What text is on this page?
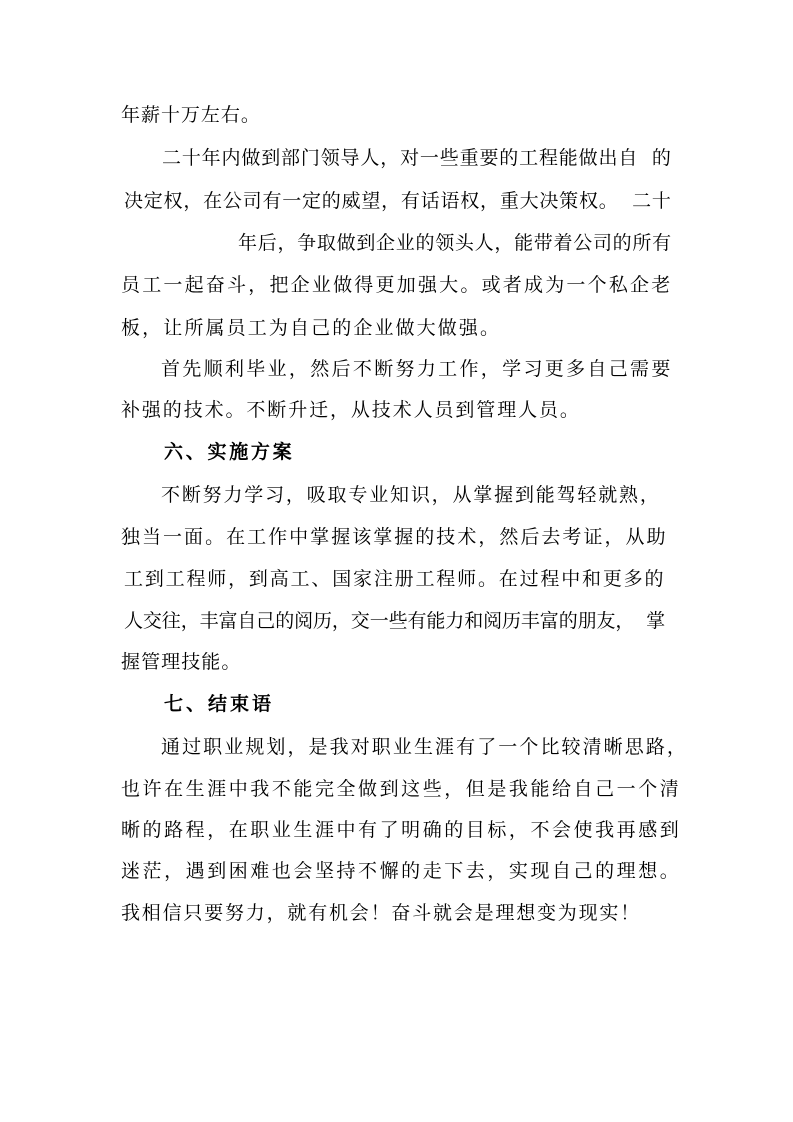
年薪十万左右。
二十年内做到部门领导人，对一些重要的工程能做出自  的
决定权，在公司有一定的威望，有话语权，重大决策权。  二十
年后，争取做到企业的领头人，能带着公司的所有
员工一起奋斗，把企业做得更加强大。或者成为一个私企老
板，让所属员工为自己的企业做大做强。
首先顺利毕业，然后不断努力工作，学习更多自己需要
补强的技术。不断升迁，从技术人员到管理人员。
六、实施方案
不断努力学习，吸取专业知识，从掌握到能驾轻就熟，
独当一面。在工作中掌握该掌握的技术，然后去考证，从助
工到工程师，到高工、国家注册工程师。在过程中和更多的
人交往，丰富自己的阅历，交一些有能力和阅历丰富的朋友，  掌
握管理技能。
七、结束语
通过职业规划，是我对职业生涯有了一个比较清晰思路，
也许在生涯中我不能完全做到这些，但是我能给自己一个清
晰的路程，在职业生涯中有了明确的目标，不会使我再感到
迷茫，遇到困难也会坚持不懈的走下去，实现自己的理想。
我相信只要努力，就有机会！奋斗就会是理想变为现实！
